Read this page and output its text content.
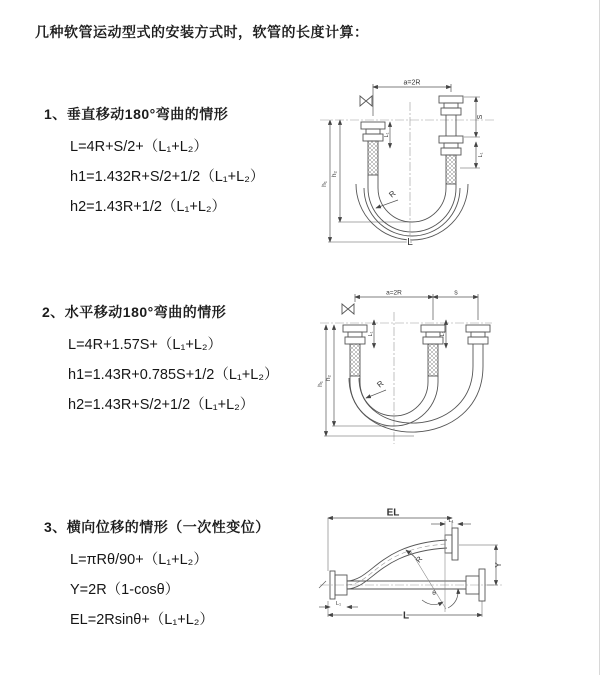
几种软管运动型式的安装方式时，软管的长度计算：
1、垂直移动180°弯曲的情形
L=4R+S/2+（L₁+L₂）
h1=1.432R+S/2+1/2（L₁+L₂）
h2=1.43R+1/2（L₁+L₂）
2、水平移动180°弯曲的情形
L=4R+1.57S+（L₁+L₂）
h1=1.43R+0.785S+1/2（L₁+L₂）
h2=1.43R+S/2+1/2（L₁+L₂）
3、横向位移的情形（一次性变位）
L=πRθ/90+（L₁+L₂）
Y=2R（1-cosθ）
EL=2Rsinθ+（L₁+L₂）
a=2R
h₁
h₂
L₁
S
L₁
R
L
a=2R	s
h₁
h₂
L₁	L₁
R
EL
L₁
Y
L
L₁
R
θ
